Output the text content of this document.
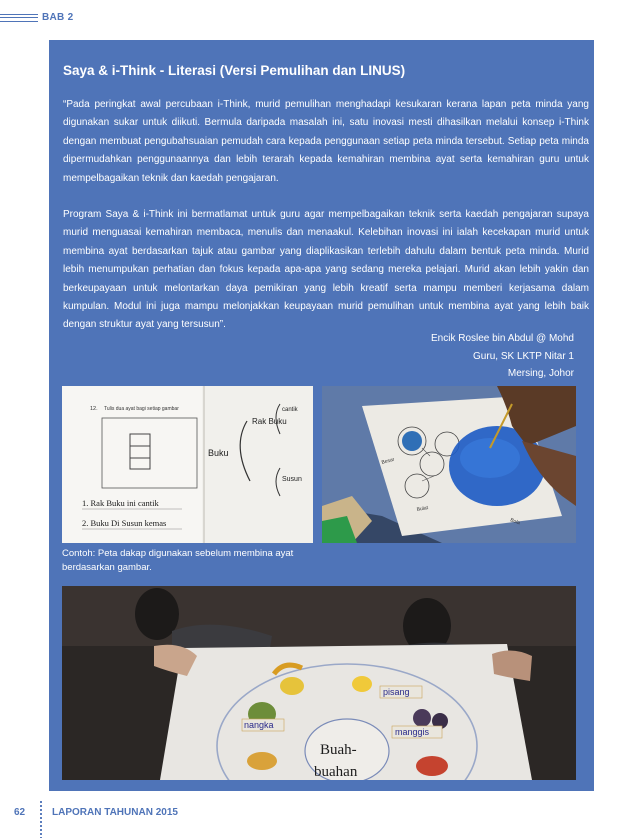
BAB 2
Saya & i-Think - Literasi (Versi Pemulihan dan LINUS)

“Pada peringkat awal percubaan i-Think, murid pemulihan menghadapi kesukaran kerana lapan peta minda yang digunakan sukar untuk diikuti. Bermula daripada masalah ini, satu inovasi mesti dihasilkan melalui konsep i-Think dengan membuat pengubahsuaian pemudah cara kepada penggunaan setiap peta minda tersebut. Setiap peta minda dipermudahkan penggunaannya dan lebih terarah kepada kemahiran membina ayat serta kemahiran guru untuk mempelbagaikan teknik dan kaedah pengajaran.

Program Saya & i-Think ini bermatlamat untuk guru agar mempelbagaikan teknik serta kaedah pengajaran supaya murid menguasai kemahiran membaca, menulis dan menaakul. Kelebihan inovasi ini ialah kecekapan murid untuk membina ayat berdasarkan tajuk atau gambar yang diaplikasikan terlebih dahulu dalam bentuk peta minda. Murid lebih menumpukan perhatian dan fokus kepada apa-apa yang sedang mereka pelajari. Murid akan lebih yakin dan berkeupayaan untuk melontarkan daya pemikiran yang lebih kreatif serta mampu memberi kerjasama dalam kumpulan. Modul ini juga mampu melonjakkan keupayaan murid pemulihan untuk membina ayat yang lebih baik dengan struktur ayat yang tersusun”.

Encik Roslee bin Abdul @ Mohd
Guru, SK LKTP Nitar 1
Mersing, Johor
12. Tulis dua ayat bagi setiap gambar
Buku
Rak Buku
cantik
Susun
1. Rak Buku ini cantik
2. Buku Di Susun kemas
Besar
Bulat
Bola
Contoh: Peta dakap digunakan sebelum membina ayat berdasarkan gambar.
Buah-
buahan
pisang
nangka
manggis
62	LAPORAN TAHUNAN 2015
